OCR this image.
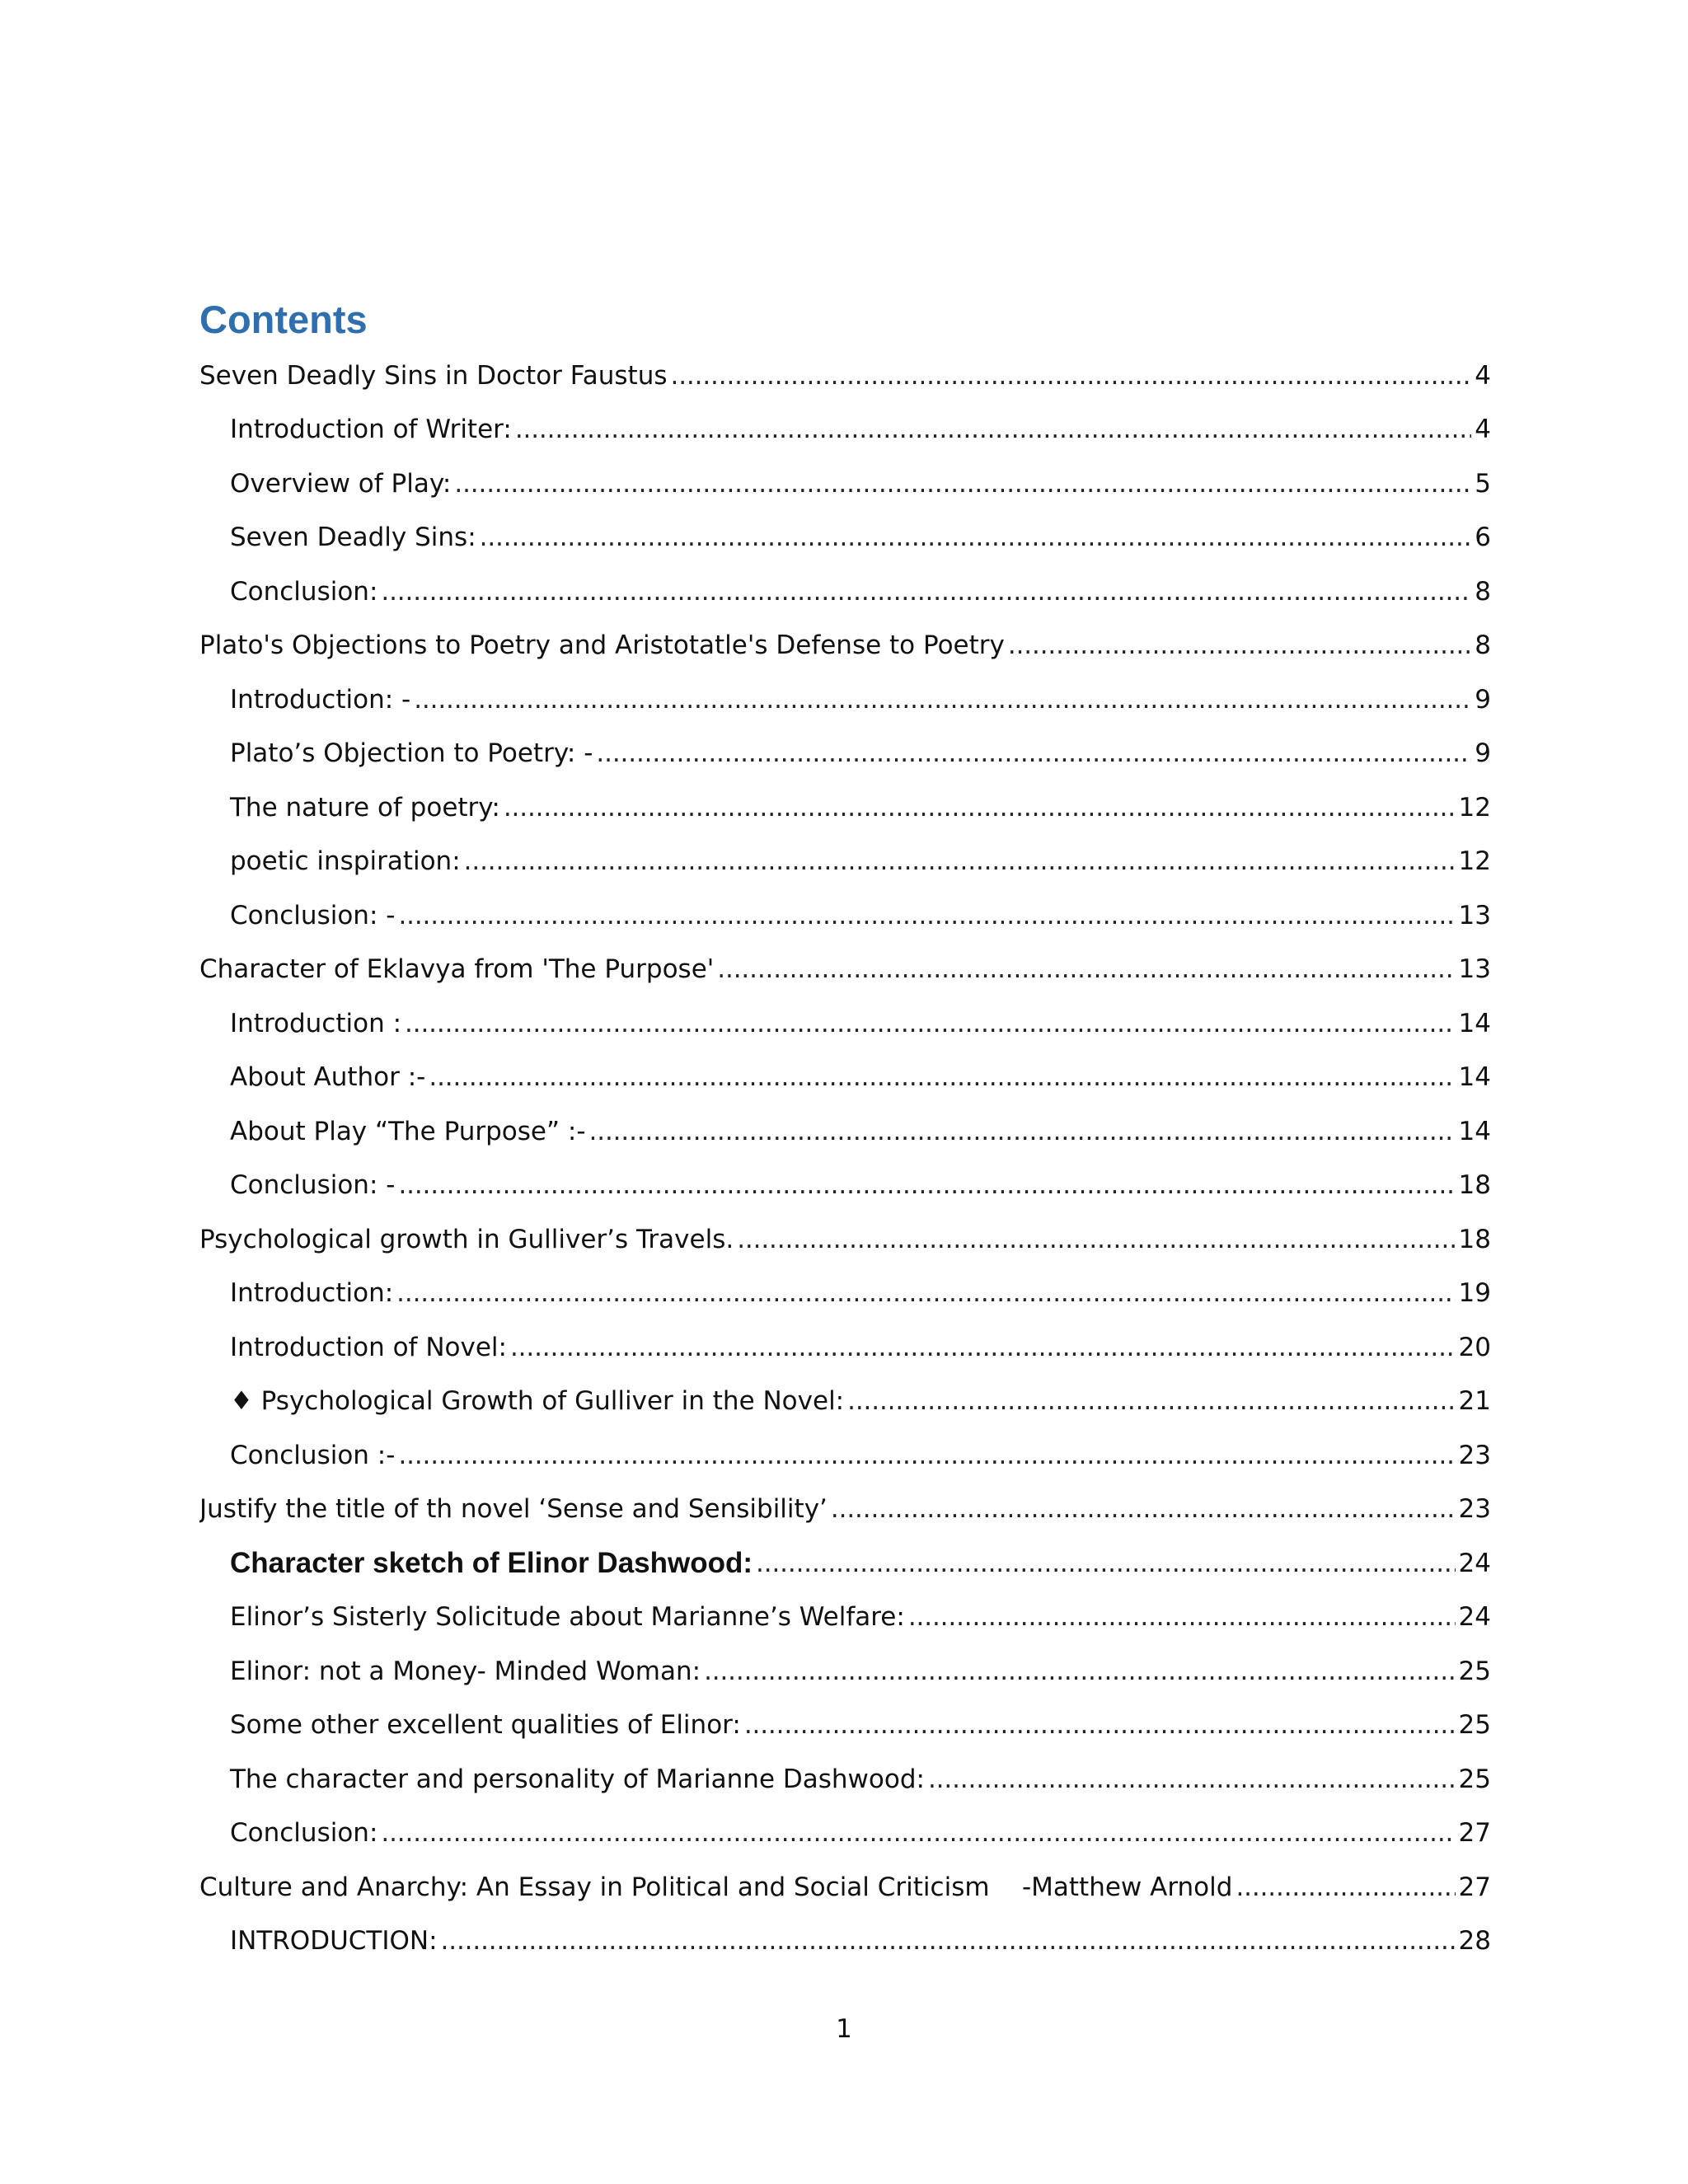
Contents
Seven Deadly Sins in Doctor Faustus . . .	4
Introduction of Writer: . . .	4
Overview of Play: . . .	5
Seven Deadly Sins: . . .	6
Conclusion: . . .	8
Plato's Objections to Poetry and Aristotatle's Defense to Poetry . . .	8
Introduction: - . . .	9
Plato’s Objection to Poetry: - . . .	9
The nature of poetry: . . .	12
poetic inspiration: . . .	12
Conclusion: - . . .	13
Character of Eklavya from 'The Purpose' . . .	13
Introduction : . . .	14
About Author :- . . .	14
About Play “The Purpose” :- . . .	14
Conclusion: - . . .	18
Psychological growth in Gulliver’s Travels. . . .	18
Introduction: . . .	19
Introduction of Novel: . . .	20
♦ Psychological Growth of Gulliver in the Novel: . . .	21
Conclusion :- . . .	23
Justify the title of th novel ‘Sense and Sensibility’ . . .	23
Character sketch of Elinor Dashwood: . . .	24
Elinor’s Sisterly Solicitude about Marianne’s Welfare: . . .	24
Elinor: not a Money- Minded Woman: . . .	25
Some other excellent qualities of Elinor: . . .	25
The character and personality of Marianne Dashwood: . . .	25
Conclusion: . . .	27
Culture and Anarchy: An Essay in Political and Social Criticism    -Matthew Arnold . . .	27
INTRODUCTION: . . .	28
1
